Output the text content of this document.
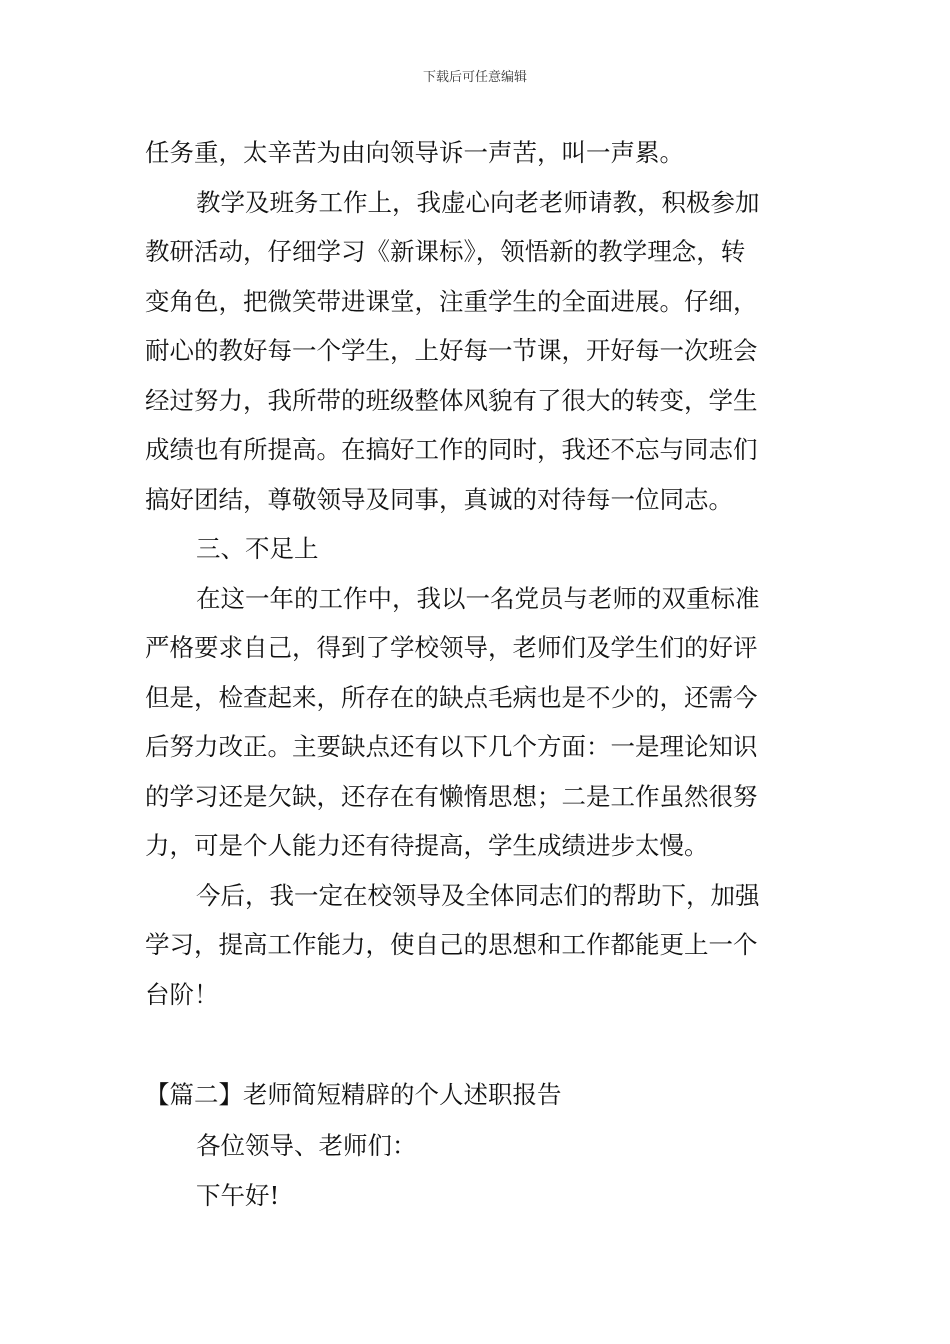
下载后可任意编辑
任务重，太辛苦为由向领导诉一声苦，叫一声累。
教学及班务工作上，我虚心向老老师请教，积极参加
教研活动，仔细学习《新课标》，领悟新的教学理念，转
变角色，把微笑带进课堂，注重学生的全面进展。仔细，
耐心的教好每一个学生，上好每一节课，开好每一次班会
经过努力，我所带的班级整体风貌有了很大的转变，学生
成绩也有所提高。在搞好工作的同时，我还不忘与同志们
搞好团结，尊敬领导及同事，真诚的对待每一位同志。
三、不足上
在这一年的工作中，我以一名党员与老师的双重标准
严格要求自己，得到了学校领导，老师们及学生们的好评
但是，检查起来，所存在的缺点毛病也是不少的，还需今
后努力改正。主要缺点还有以下几个方面：一是理论知识
的学习还是欠缺，还存在有懒惰思想；二是工作虽然很努
力，可是个人能力还有待提高，学生成绩进步太慢。
今后，我一定在校领导及全体同志们的帮助下，加强
学习，提高工作能力，使自己的思想和工作都能更上一个
台阶！
【篇二】老师简短精辟的个人述职报告
各位领导、老师们：
下午好!
